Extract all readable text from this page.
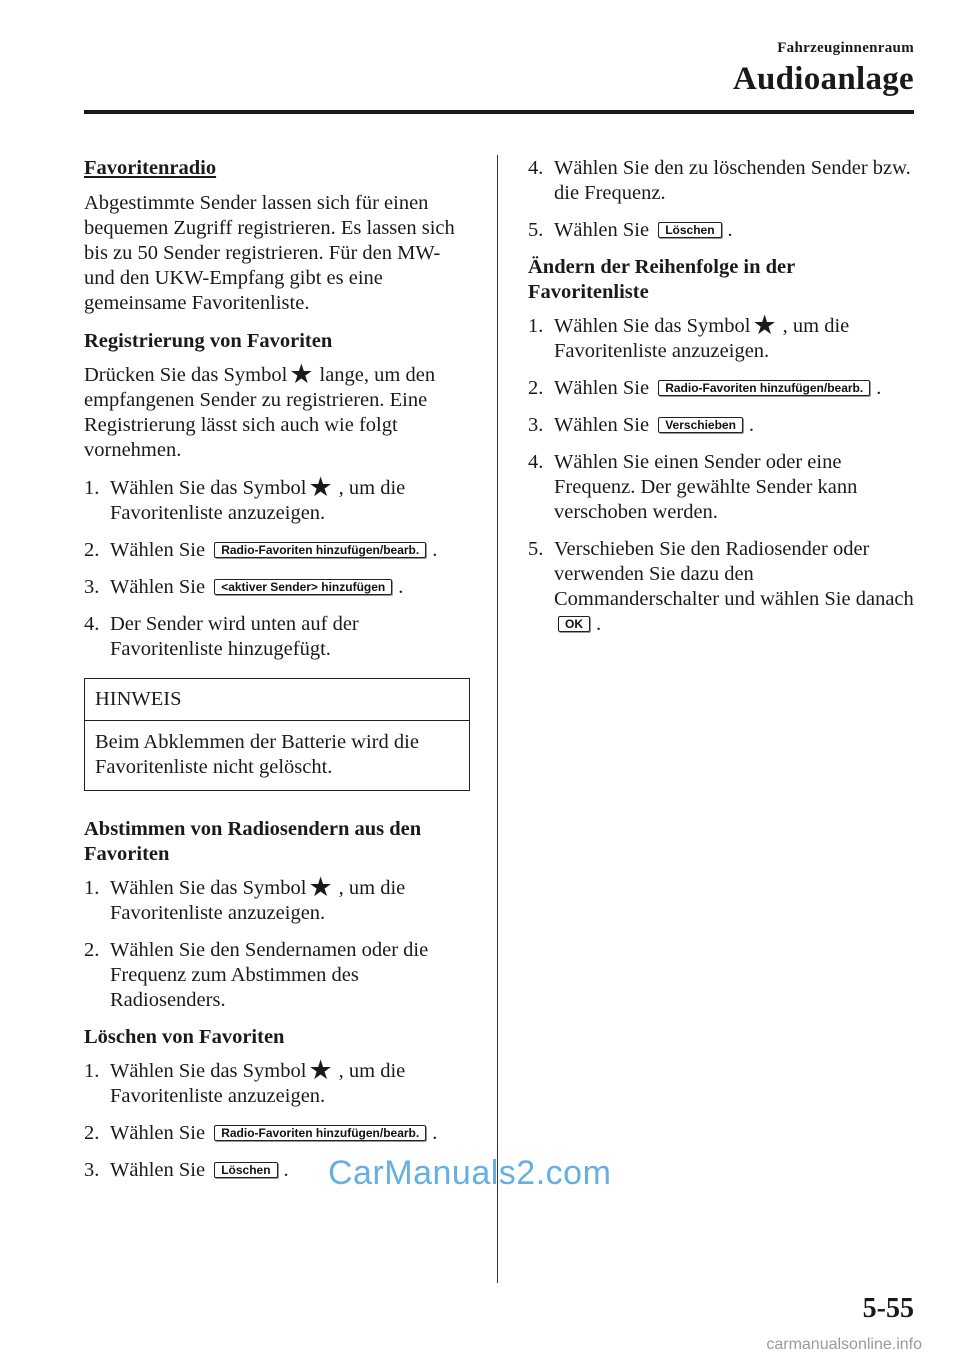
Fahrzeuginnenraum
Audioanlage
Favoritenradio

Abgestimmte Sender lassen sich für einen bequemen Zugriff registrieren. Es lassen sich bis zu 50 Sender registrieren. Für den MW- und den UKW-Empfang gibt es eine gemeinsame Favoritenliste.

Registrierung von Favoriten

Drücken Sie das Symbol★ lange, um den empfangenen Sender zu registrieren. Eine Registrierung lässt sich auch wie folgt vornehmen.

1. Wählen Sie das Symbol★ , um die Favoritenliste anzuzeigen.
2. Wählen Sie Radio-Favoriten hinzufügen/bearb. .
3. Wählen Sie <aktiver Sender> hinzufügen .
4. Der Sender wird unten auf der Favoritenliste hinzugefügt.
HINWEIS
Beim Abklemmen der Batterie wird die Favoritenliste nicht gelöscht.

Abstimmen von Radiosendern aus den Favoriten

1. Wählen Sie das Symbol★ , um die Favoritenliste anzuzeigen.
2. Wählen Sie den Sendernamen oder die Frequenz zum Abstimmen des Radiosenders.

Löschen von Favoriten

1. Wählen Sie das Symbol★ , um die Favoritenliste anzuzeigen.
2. Wählen Sie Radio-Favoriten hinzufügen/bearb. .
3. Wählen Sie Löschen .
4. Wählen Sie den zu löschenden Sender bzw. die Frequenz.
5. Wählen Sie Löschen .

Ändern der Reihenfolge in der Favoritenliste

1. Wählen Sie das Symbol★ , um die Favoritenliste anzuzeigen.
2. Wählen Sie Radio-Favoriten hinzufügen/bearb. .
3. Wählen Sie Verschieben .
4. Wählen Sie einen Sender oder eine Frequenz. Der gewählte Sender kann verschoben werden.
5. Verschieben Sie den Radiosender oder verwenden Sie dazu den Commanderschalter und wählen Sie danach OK .
CarManuals2.com
5-55
carmanualsonline.info
